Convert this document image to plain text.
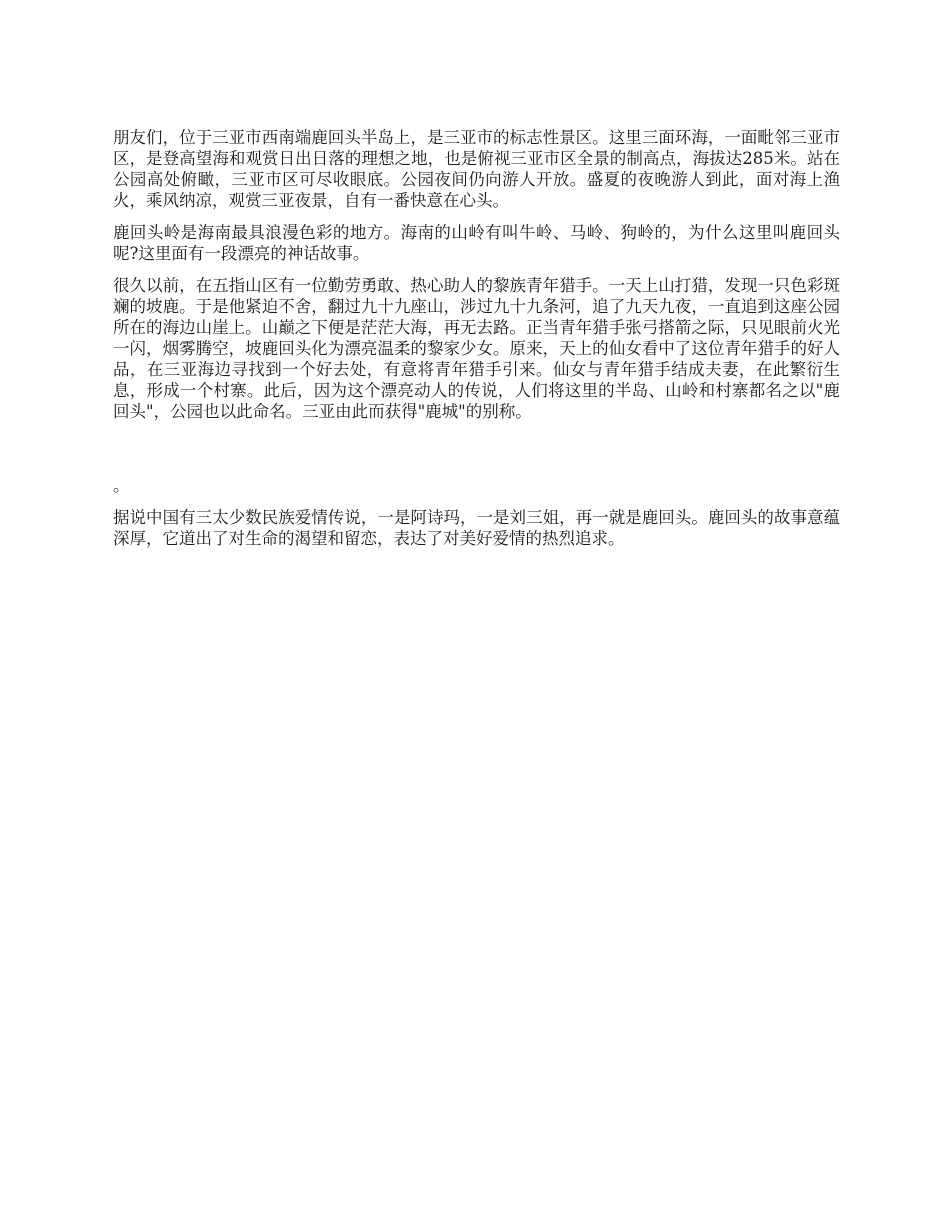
朋友们，位于三亚市西南端鹿回头半岛上，是三亚市的标志性景区。这里三面环海，一面毗邻三亚市区，是登高望海和观赏日出日落的理想之地，也是俯视三亚市区全景的制高点，海拔达285米。站在公园高处俯瞰，三亚市区可尽收眼底。公园夜间仍向游人开放。盛夏的夜晚游人到此，面对海上渔火，乘风纳凉，观赏三亚夜景，自有一番快意在心头。

鹿回头岭是海南最具浪漫色彩的地方。海南的山岭有叫牛岭、马岭、狗岭的，为什么这里叫鹿回头呢?这里面有一段漂亮的神话故事。

很久以前，在五指山区有一位勤劳勇敢、热心助人的黎族青年猎手。一天上山打猎，发现一只色彩斑斓的坡鹿。于是他紧迫不舍，翻过九十九座山，涉过九十九条河，追了九天九夜，一直追到这座公园所在的海边山崖上。山巅之下便是茫茫大海，再无去路。正当青年猎手张弓搭箭之际，只见眼前火光一闪，烟雾腾空，坡鹿回头化为漂亮温柔的黎家少女。原来，天上的仙女看中了这位青年猎手的好人品，在三亚海边寻找到一个好去处，有意将青年猎手引来。仙女与青年猎手结成夫妻，在此繁衍生息，形成一个村寨。此后，因为这个漂亮动人的传说，人们将这里的半岛、山岭和村寨都名之以"鹿回头"，公园也以此命名。三亚由此而获得"鹿城"的别称。

。

据说中国有三太少数民族爱情传说，一是阿诗玛，一是刘三姐，再一就是鹿回头。鹿回头的故事意蕴深厚，它道出了对生命的渴望和留恋，表达了对美好爱情的热烈追求。
